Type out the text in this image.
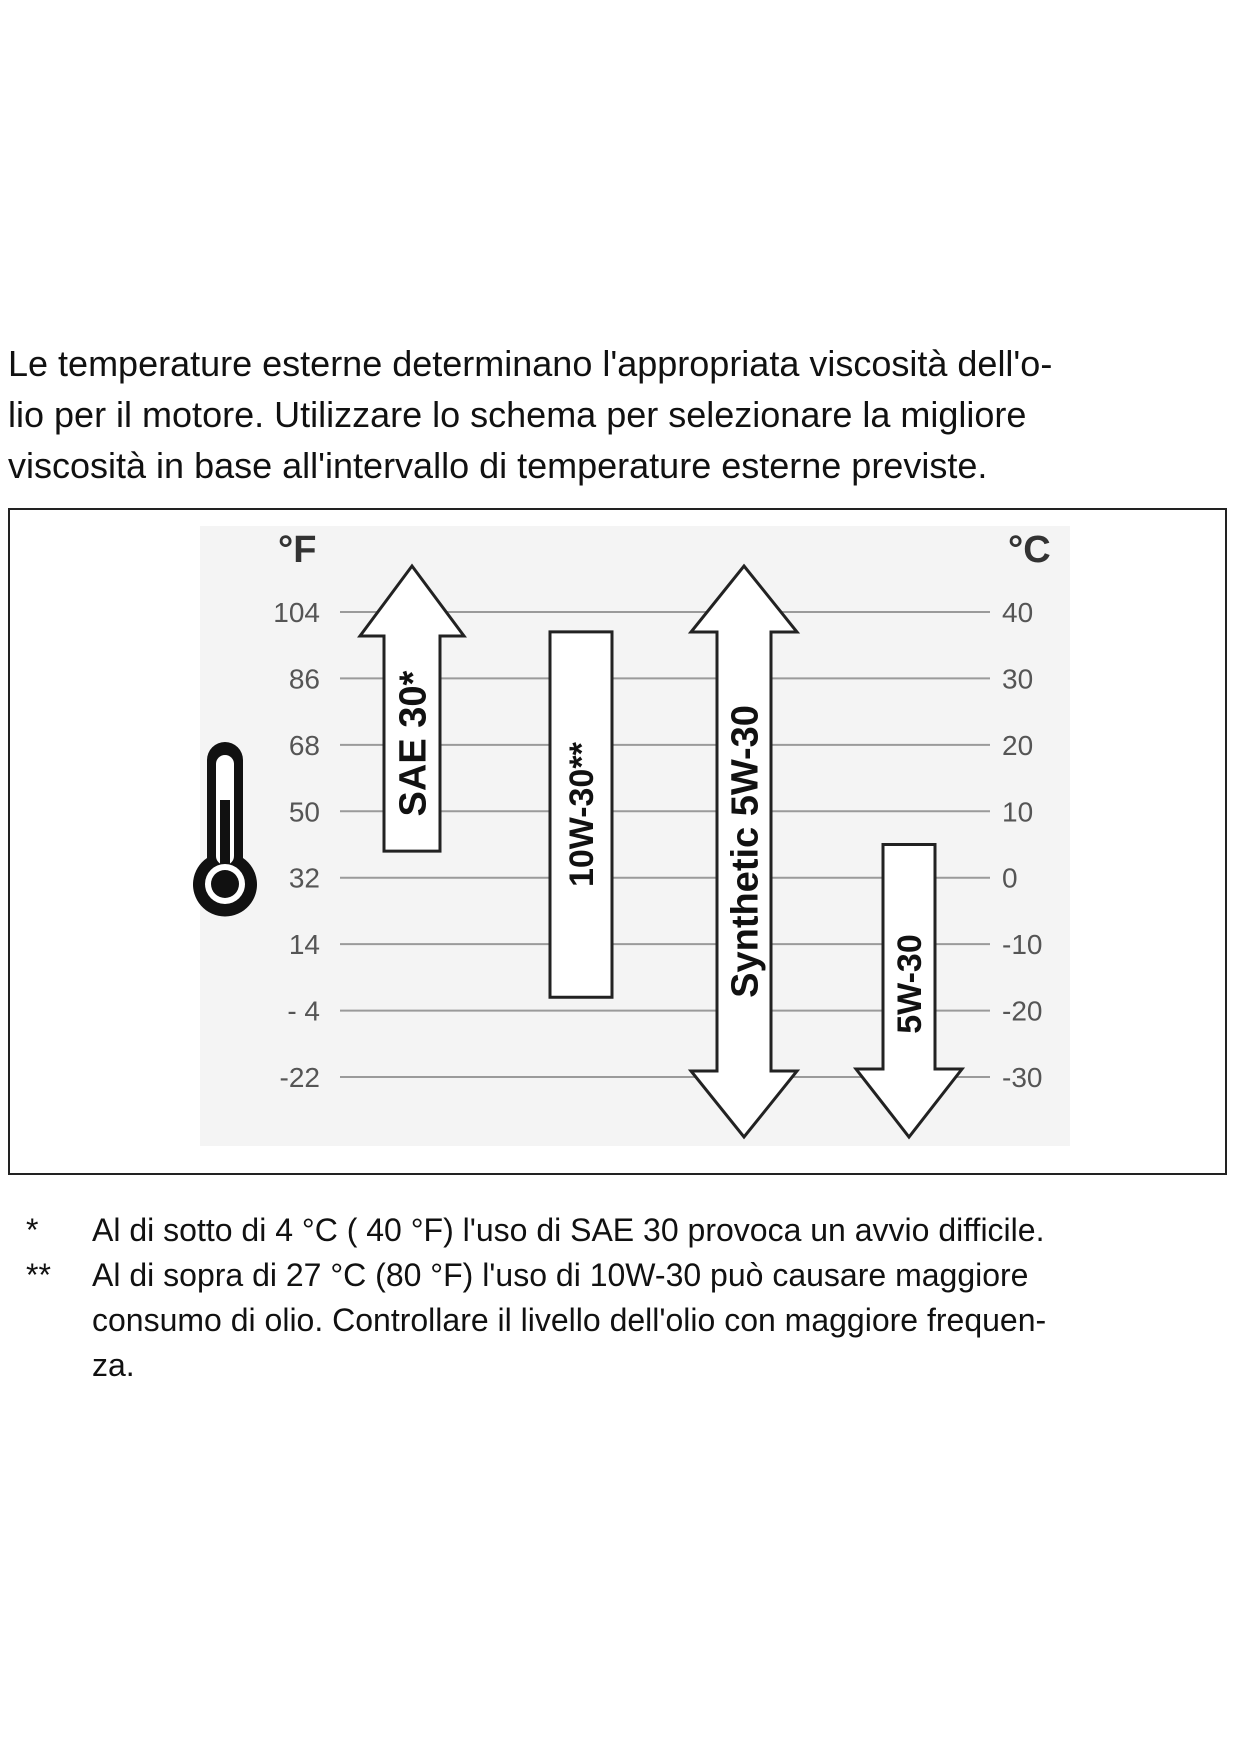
Le temperature esterne determinano l'appropriata viscosità dell'o-
lio per il motore. Utilizzare lo schema per selezionare la migliore
viscosità in base all'intervallo di temperature esterne previste.

104	40
86	30
68	20
50	10
32	0
14	-10
- 4	-20
-22	-30
°F	°C
SAE 30*	10W-30**	Synthetic 5W-30	5W-30
*	Al di sotto di 4 °C ( 40 °F) l'uso di SAE 30 provoca un avvio difficile.
**	Al di sopra di 27 °C (80 °F) l'uso di 10W-30 può causare maggiore
consumo di olio. Controllare il livello dell'olio con maggiore frequen-
za.
